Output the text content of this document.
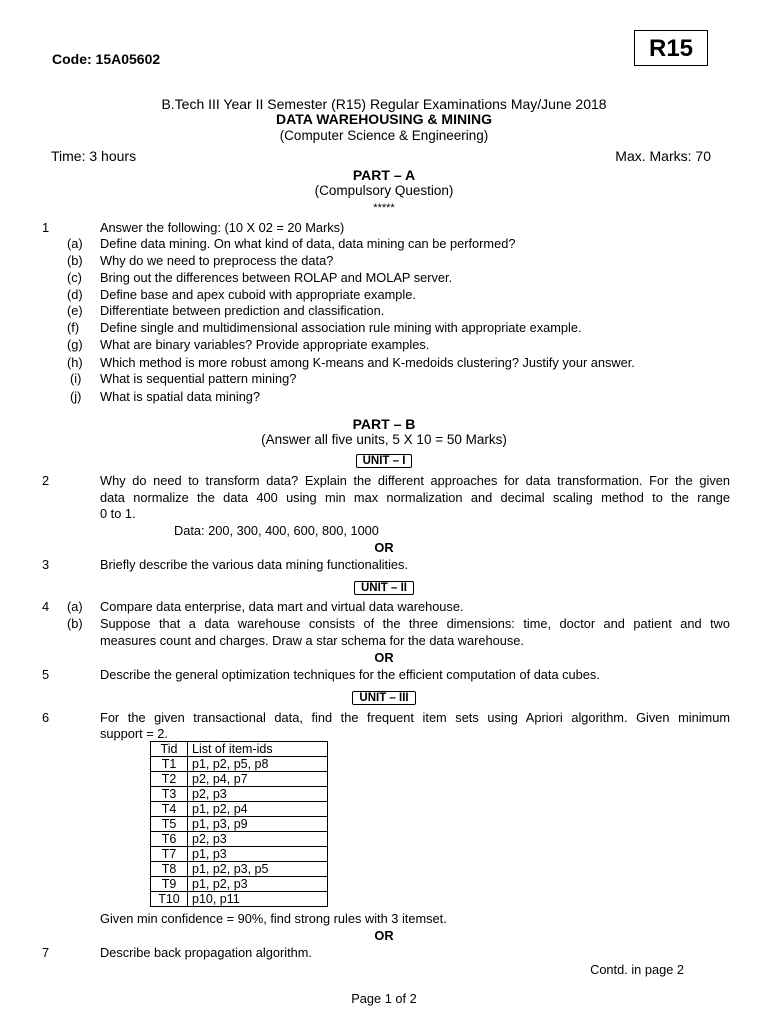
Code: 15A05602	R15
B.Tech III Year II Semester (R15) Regular Examinations May/June 2018
DATA WAREHOUSING & MINING
(Computer Science & Engineering)
Time: 3 hours	Max. Marks: 70
PART – A
(Compulsory Question)
*****
1	Answer the following: (10 X 02 = 20 Marks)
(a) Define data mining. On what kind of data, data mining can be performed?
(b) Why do we need to preprocess the data?
(c) Bring out the differences between ROLAP and MOLAP server.
(d) Define base and apex cuboid with appropriate example.
(e) Differentiate between prediction and classification.
(f) Define single and multidimensional association rule mining with appropriate example.
(g) What are binary variables? Provide appropriate examples.
(h) Which method is more robust among K-means and K-medoids clustering? Justify your answer.
(i) What is sequential pattern mining?
(j) What is spatial data mining?
PART – B
(Answer all five units, 5 X 10 = 50 Marks)
UNIT – I
2	Why do need to transform data? Explain the different approaches for data transformation. For the given
data normalize the data 400 using min max normalization and decimal scaling method to the range
0 to 1.
Data: 200, 300, 400, 600, 800, 1000
OR
3	Briefly describe the various data mining functionalities.
UNIT – II
4 (a) Compare data enterprise, data mart and virtual data warehouse.
(b) Suppose that a data warehouse consists of the three dimensions: time, doctor and patient and two
measures count and charges. Draw a star schema for the data warehouse.
OR
5	Describe the general optimization techniques for the efficient computation of data cubes.
UNIT – III
6	For the given transactional data, find the frequent item sets using Apriori algorithm. Given minimum
support = 2.
Tid	List of item-ids
T1	p1, p2, p5, p8
T2	p2, p4, p7
T3	p2, p3
T4	p1, p2, p4
T5	p1, p3, p9
T6	p2, p3
T7	p1, p3
T8	p1, p2, p3, p5
T9	p1, p2, p3
T10	p10, p11
Given min confidence = 90%, find strong rules with 3 itemset.
OR
7	Describe back propagation algorithm.
Contd. in page 2
Page 1 of 2
